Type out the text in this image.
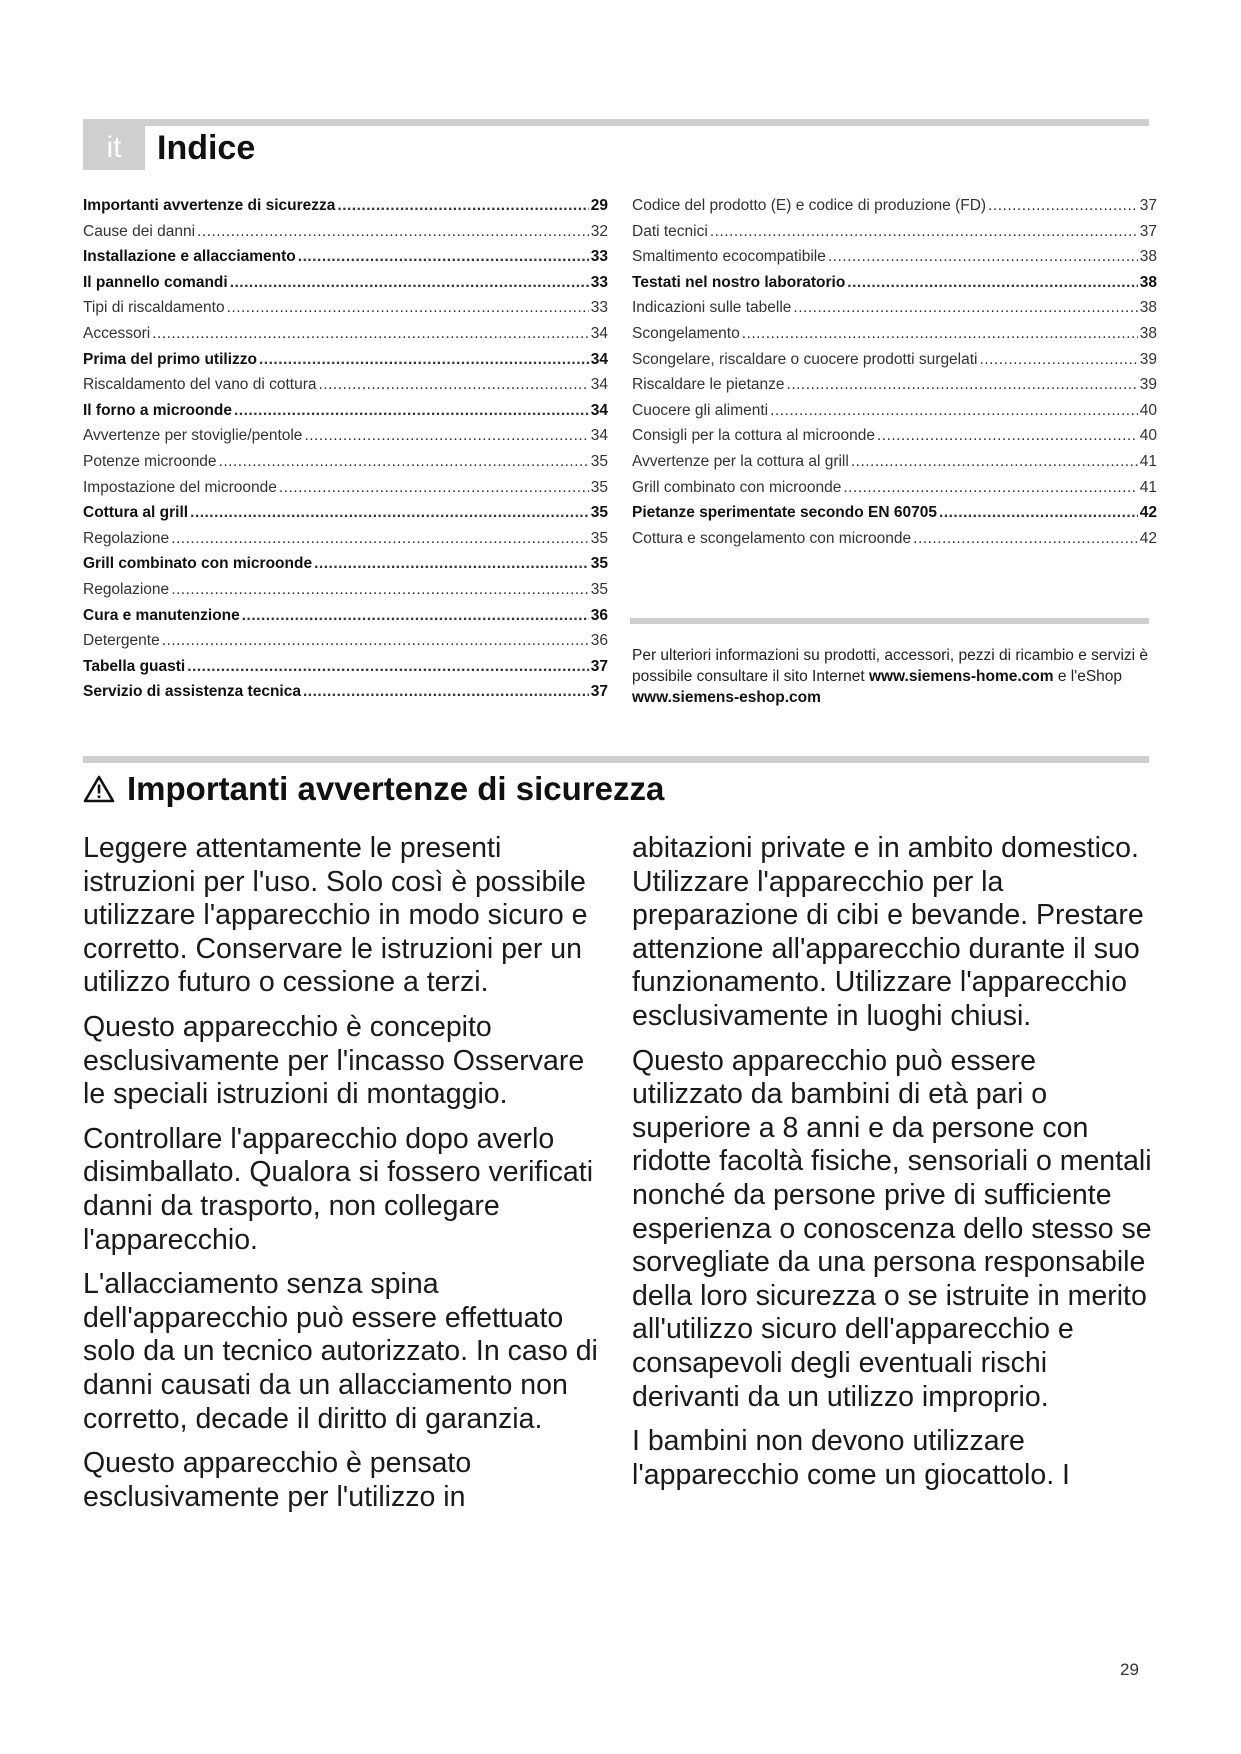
it	Indice
Importanti avvertenze di sicurezza .....	29
Cause dei danni .....	32
Installazione e allacciamento .....	33
Il pannello comandi .....	33
Tipi di riscaldamento .....	33
Accessori .....	34
Prima del primo utilizzo .....	34
Riscaldamento del vano di cottura .....	34
Il forno a microonde .....	34
Avvertenze per stoviglie/pentole .....	34
Potenze microonde .....	35
Impostazione del microonde .....	35
Cottura al grill .....	35
Regolazione .....	35
Grill combinato con microonde .....	35
Regolazione .....	35
Cura e manutenzione .....	36
Detergente .....	36
Tabella guasti .....	37
Servizio di assistenza tecnica .....	37
Codice del prodotto (E) e codice di produzione (FD) .....	37
Dati tecnici .....	37
Smaltimento ecocompatibile .....	38
Testati nel nostro laboratorio .....	38
Indicazioni sulle tabelle .....	38
Scongelamento .....	38
Scongelare, riscaldare o cuocere prodotti surgelati .....	39
Riscaldare le pietanze .....	39
Cuocere gli alimenti .....	40
Consigli per la cottura al microonde .....	40
Avvertenze per la cottura al grill .....	41
Grill combinato con microonde .....	41
Pietanze sperimentate secondo EN 60705 .....	42
Cottura e scongelamento con microonde .....	42
Per ulteriori informazioni su prodotti, accessori, pezzi di ricambio e servizi è possibile consultare il sito Internet www.siemens-home.com e l'eShop www.siemens-eshop.com
Importanti avvertenze di sicurezza

Leggere attentamente le presenti istruzioni per l'uso. Solo così è possibile utilizzare l'apparecchio in modo sicuro e corretto. Conservare le istruzioni per un utilizzo futuro o cessione a terzi.

Questo apparecchio è concepito esclusivamente per l'incasso Osservare le speciali istruzioni di montaggio.

Controllare l'apparecchio dopo averlo disimballato. Qualora si fossero verificati danni da trasporto, non collegare l'apparecchio.

L'allacciamento senza spina dell'apparecchio può essere effettuato solo da un tecnico autorizzato. In caso di danni causati da un allacciamento non corretto, decade il diritto di garanzia.

Questo apparecchio è pensato esclusivamente per l'utilizzo in

abitazioni private e in ambito domestico. Utilizzare l'apparecchio per la preparazione di cibi e bevande. Prestare attenzione all'apparecchio durante il suo funzionamento. Utilizzare l'apparecchio esclusivamente in luoghi chiusi.

Questo apparecchio può essere utilizzato da bambini di età pari o superiore a 8 anni e da persone con ridotte facoltà fisiche, sensoriali o mentali nonché da persone prive di sufficiente esperienza o conoscenza dello stesso se sorvegliate da una persona responsabile della loro sicurezza o se istruite in merito all'utilizzo sicuro dell'apparecchio e consapevoli degli eventuali rischi derivanti da un utilizzo improprio.

I bambini non devono utilizzare l'apparecchio come un giocattolo. I

29
